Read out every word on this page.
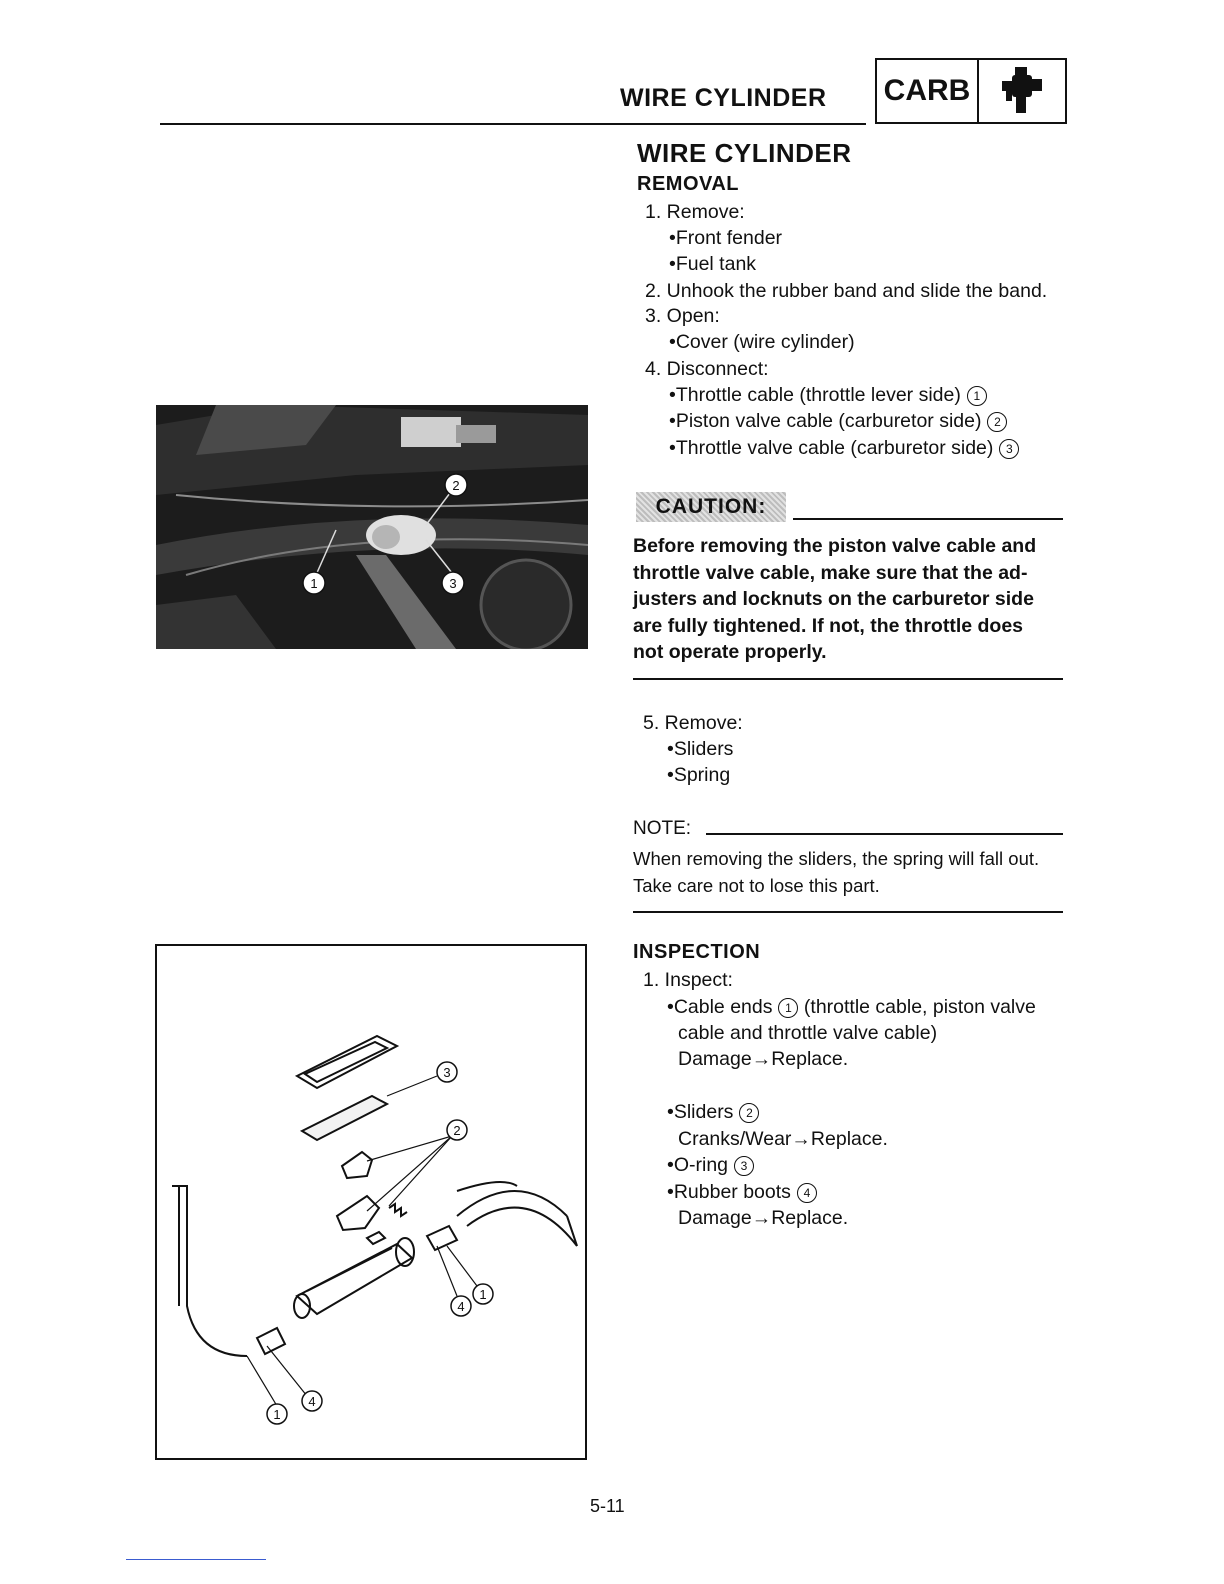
WIRE CYLINDER CARB
WIRE CYLINDER
REMOVAL
1. Remove:
•Front fender
•Fuel tank
2. Unhook the rubber band and slide the band.
3. Open:
•Cover (wire cylinder)
4. Disconnect:
•Throttle cable (throttle lever side) 1
•Piston valve cable (carburetor side) 2
•Throttle valve cable (carburetor side) 3
CAUTION:
Before removing the piston valve cable and
throttle valve cable, make sure that the ad-
justers and locknuts on the carburetor side
are fully tightened. If not, the throttle does
not operate properly.
5. Remove:
•Sliders
•Spring
NOTE:
When removing the sliders, the spring will fall out.
Take care not to lose this part.
INSPECTION
1. Inspect:
•Cable ends 1 (throttle cable, piston valve
cable and throttle valve cable)
Damage→Replace.
•Sliders 2
Cranks/Wear→Replace.
•O-ring 3
•Rubber boots 4
Damage→Replace.
1
2
3
3
2
4
1
1
4
5-11
